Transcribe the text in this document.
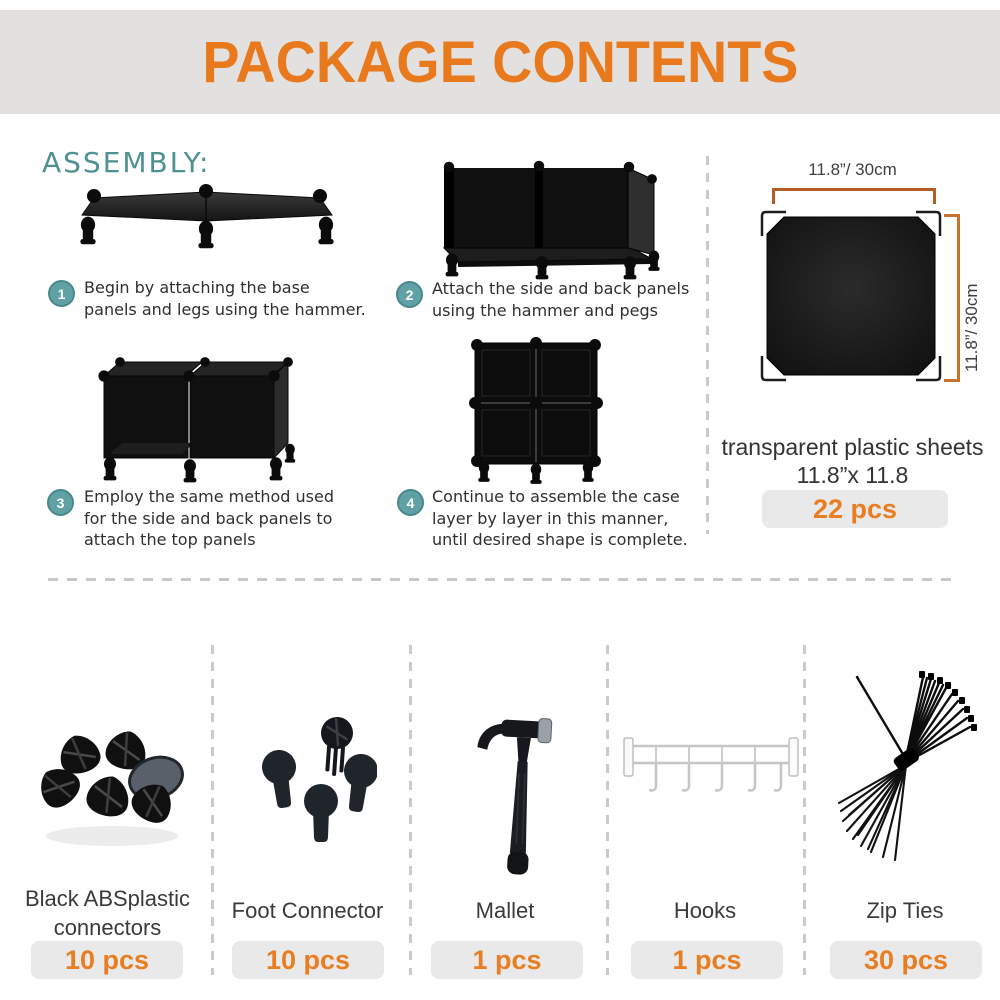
PACKAGE CONTENTS
ASSEMBLY:
1	Begin by attaching the base
panels and legs using the hammer.
2	Attach the side and back panels
using the hammer and pegs
3	Employ the same method used
for the side and back panels to
attach the top panels
4	Continue to assemble the case
layer by layer in this manner,
until desired shape is complete.
11.8”/ 30cm
11.8”/ 30cm
transparent plastic sheets
11.8”x 11.8
22 pcs
Black ABSplastic
connectors
10 pcs
Foot Connector
10 pcs
Mallet
1 pcs
Hooks
1 pcs
Zip Ties
30 pcs
